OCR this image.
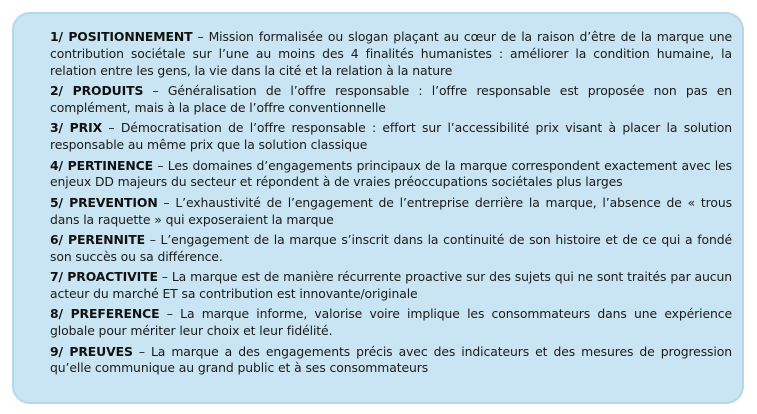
1/ POSITIONNEMENT – Mission formalisée ou slogan plaçant au cœur de la raison d’être de la marque une contribution sociétale sur l’une au moins des 4 finalités humanistes : améliorer la condition humaine, la relation entre les gens, la vie dans la cité et la relation à la nature

2/ PRODUITS – Généralisation de l’offre responsable : l’offre responsable est proposée non pas en complément, mais à la place de l’offre conventionnelle

3/ PRIX – Démocratisation de l’offre responsable : effort sur l’accessibilité prix visant à placer la solution responsable au même prix que la solution classique

4/ PERTINENCE – Les domaines d’engagements principaux de la marque correspondent exactement avec les enjeux DD majeurs du secteur et répondent à de vraies préoccupations sociétales plus larges

5/ PREVENTION – L’exhaustivité de l’engagement de l’entreprise derrière la marque, l’absence de « trous dans la raquette » qui exposeraient la marque

6/ PERENNITE – L’engagement de la marque s’inscrit dans la continuité de son histoire et de ce qui a fondé son succès ou sa différence.

7/ PROACTIVITE – La marque est de manière récurrente proactive sur des sujets qui ne sont traités par aucun acteur du marché ET sa contribution est innovante/originale

8/ PREFERENCE – La marque informe, valorise voire implique les consommateurs dans une expérience globale pour mériter leur choix et leur fidélité.

9/ PREUVES – La marque a des engagements précis avec des indicateurs et des mesures de progression qu’elle communique au grand public et à ses consommateurs
